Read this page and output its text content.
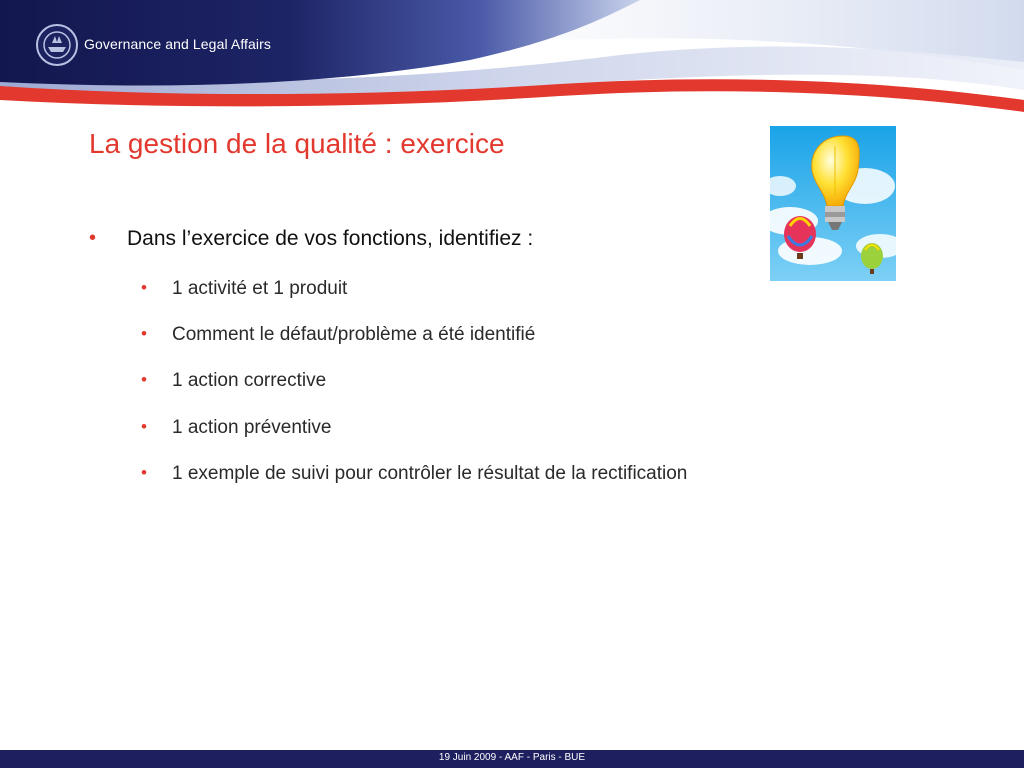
Governance and Legal Affairs
La gestion de la qualité : exercice
• Dans l’exercice de vos fonctions, identifiez :
• 1 activité et 1 produit
• Comment le défaut/problème a été identifié
• 1 action corrective
• 1 action préventive
• 1 exemple de suivi pour contrôler le résultat de la rectification
19 Juin 2009 - AAF - Paris - BUE
